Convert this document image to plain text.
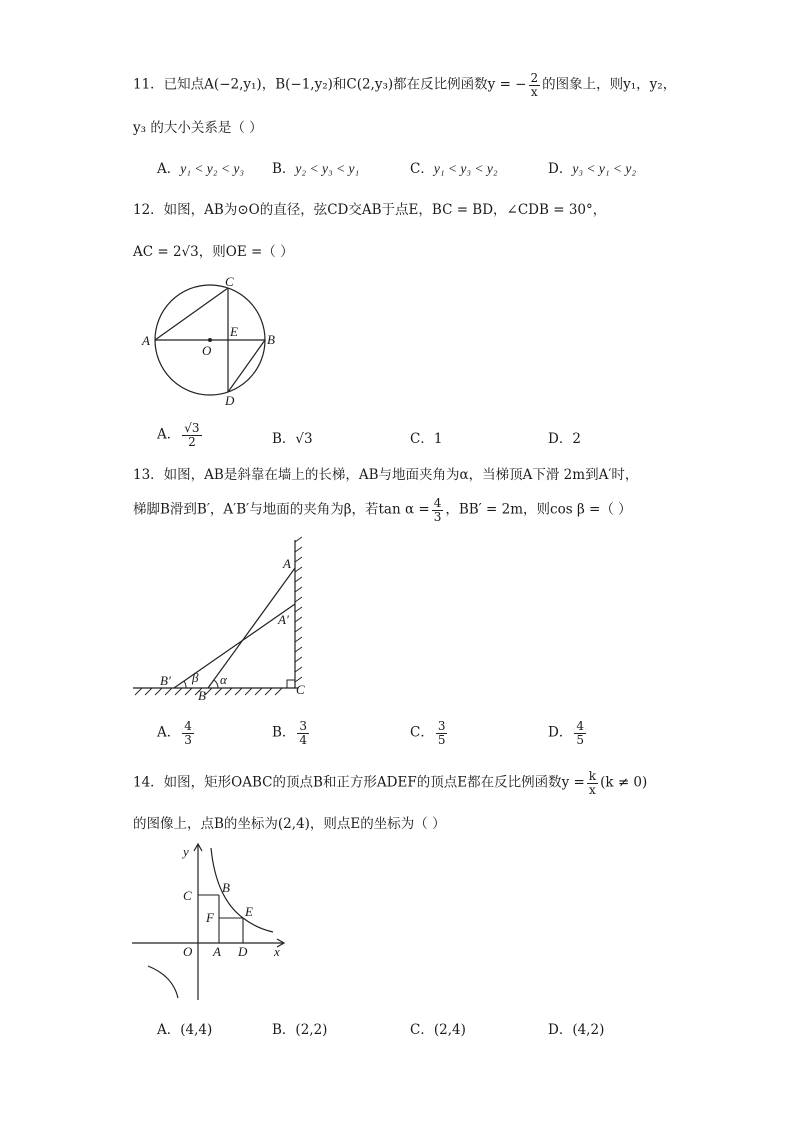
11．已知点A(−2,y₁)，B(−1,y₂)和C(2,y₃)都在反比例函数y = − $\frac{2}{x}$ 的图象上，则y₁，y₂，
y₃ 的大小关系是（ ）
A．y₁ < y₂ < y₃ B．y₂ < y₃ < y₁	C．y₁ < y₃ < y₂	D．y₃ < y₁ < y₂
12．如图，AB为⊙O的直径，弦CD交AB于点E，BC = BD，∠CDB = 30°，
AC = 2√3，则OE =（ ）
A
C
E
B
O
D
A． $\frac{√3}{2}$	B．√3	C．1	D．2
13．如图，AB是斜靠在墙上的长梯，AB与地面夹角为α，当梯顶A下滑 2m到A′时，
梯脚B滑到B′，A′B′与地面的夹角为β，若$\tan \alpha = \frac{4}{3}$ ，BB′ = 2m，则cos β =（ ）
A
A′
B′ β α
B	C
A． $\frac{4}{3}$	B． $\frac{3}{4}$	C． $\frac{3}{5}$	D． $\frac{4}{5}$
14．如图，矩形OABC的顶点B和正方形ADEF的顶点E都在反比例函数$y = \frac{k}{x} (k \ne 0)$
的图像上，点B的坐标为(2,4)，则点E的坐标为（ ）
y
C
B
F E
O A D x
A．(4,4)	B．(2,2)	C．(2,4)	D．(4,2)
